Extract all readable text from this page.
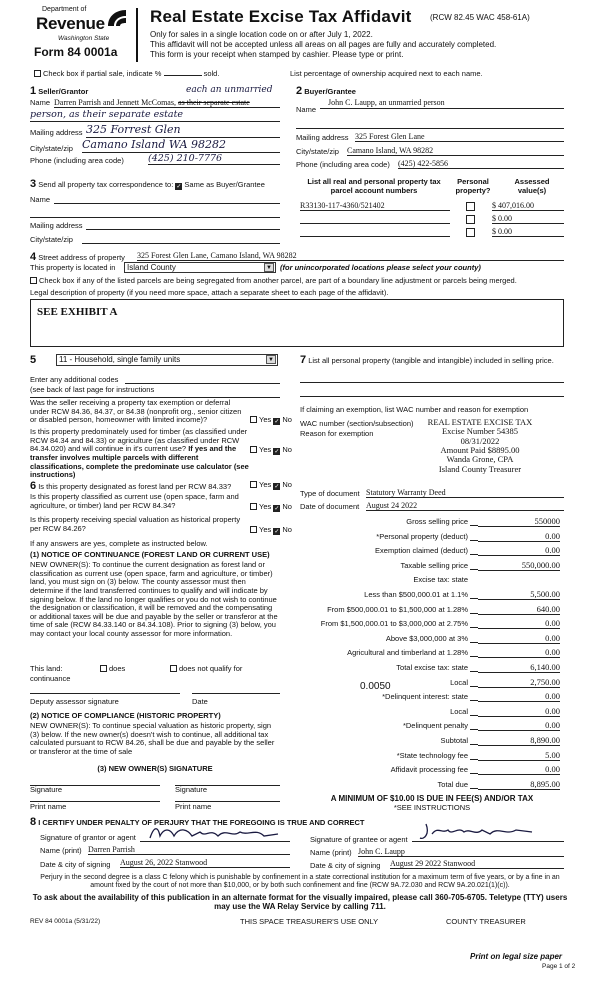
Department of
Revenue
Washington State
Form 84 0001a
Real Estate Excise Tax Affidavit (RCW 82.45 WAC 458-61A)
Only for sales in a single location code on or after July 1, 2022.
This affidavit will not be accepted unless all areas on all pages are fully and accurately completed.
This form is your receipt when stamped by cashier. Please type or print.
Check box if partial sale, indicate %	sold.	List percentage of ownership acquired next to each name.
1 Seller/Grantor	each an unmarried
Name Darren Parrish and Jennett McComas, as their separate estate
person, as their separate estate
Mailing address 325 Forrest Glen
City/state/zip Camano Island WA 98282
Phone (including area code)	(425) 210-7776
2 Buyer/Grantee
Name
John C. Laupp, an unmarried person
Mailing address 325 Forest Glen Lane
City/state/zip Camano Island, WA 98282
Phone (including area code) (425) 422-5856
3 Send all property tax correspondence to: ✓ Same as Buyer/Grantee
Name
Mailing address
City/state/zip
List all real and personal property tax parcel account numbers
Personal property?
Assessed value(s)
R33130-117-4360/521402	$ 407,016.00
$ 0.00
$ 0.00
4 Street address of property 325 Forest Glen Lane, Camano Island, WA 98282
This property is located in	Island County	▼ (for unincorporated locations please select your county)
Check box if any of the listed parcels are being segregated from another parcel, are part of a boundary line adjustment or parcels being merged.
Legal description of property (if you need more space, attach a separate sheet to each page of the affidavit).
SEE EXHIBIT A
5	11 - Household, single family units	▼
Enter any additional codes
(see back of last page for instructions
Was the seller receiving a property tax exemption or deferral under RCW 84.36, 84.37, or 84.38 (nonprofit org., senior citizen or disabled person, homeowner with limited income)?	Yes ✓ No
Is this property predominately used for timber (as classified under RCW 84.34 and 84.33) or agriculture (as classified under RCW 84.34.020) and will continue in it's current use? If yes and the transfer involves multiple parcels with different classifications, complete the predominate use calculator (see instructions)
Yes ✓ No
7 List all personal property (tangible and intangible) included in selling price.
If claiming an exemption, list WAC number and reason for exemption
WAC number (section/subsection)
Reason for exemption
REAL ESTATE EXCISE TAX
Excise Number 54385
08/31/2022
Amount Paid $8895.00
Wanda Grone, CPA
Island County Treasurer
6 Is this property designated as forest land per RCW 84.33?	Yes ✓ No
Is this property classified as current use (open space, farm and agriculture, or timber) land per RCW 84.34?	Yes ✓ No
Is this property receiving special valuation as historical property per RCW 84.26?	Yes ✓ No
If any answers are yes, complete as instructed below.
(1) NOTICE OF CONTINUANCE (FOREST LAND OR CURRENT USE)
NEW OWNER(S): To continue the current designation as forest land or classification as current use (open space, farm and agriculture, or timber) land, you must sign on (3) below. The county assessor must then determine if the land transferred continues to qualify and will indicate by signing below. If the land no longer qualifies or you do not wish to continue the designation or classification, it will be removed and the compensating or additional taxes will be due and payable by the seller or transferor at the time of sale (RCW 84.33.140 or 84.34.108). Prior to signing (3) below, you may contact your local county assessor for more information.
This land:	does	does not qualify for
continuance
Deputy assessor signature	Date
(2) NOTICE OF COMPLIANCE (HISTORIC PROPERTY)
NEW OWNER(S): To continue special valuation as historic property, sign (3) below. If the new owner(s) doesn't wish to continue, all additional tax calculated pursuant to RCW 84.26, shall be due and payable by the seller or transferor at the time of sale
(3) NEW OWNER(S) SIGNATURE
Signature	Signature
Print name	Print name
Type of document Statutory Warranty Deed
Date of document August 24 2022
Gross selling price	550000
*Personal property (deduct)	0.00
Exemption claimed (deduct)	0.00
Taxable selling price	550,000.00
Excise tax: state
Less than $500,000.01 at 1.1%	5,500.00
From $500,000.01 to $1,500,000 at 1.28%	640.00
From $1,500,000.01 to $3,000,000 at 2.75%	0.00
Above $3,000,000 at 3%	0.00
Agricultural and timberland at 1.28%	0.00
Total excise tax: state	6,140.00
Local	2,750.00
*Delinquent interest: state	0.00
Local	0.00
*Delinquent penalty	0.00
Subtotal	8,890.00
*State technology fee	5.00
Affidavit processing fee	0.00
Total due	8,895.00
0.0050
A MINIMUM OF $10.00 IS DUE IN FEE(S) AND/OR TAX
*SEE INSTRUCTIONS
8 I CERTIFY UNDER PENALTY OF PERJURY THAT THE FOREGOING IS TRUE AND CORRECT
Signature of grantor or agent
Name (print) Darren Parrish
Date & city of signing August 26, 2022 Stanwood
Signature of grantee or agent
Name (print) John C. Laupp
Date & city of signing August 29 2022 Stanwood
Perjury in the second degree is a class C felony which is punishable by confinement in a state correctional institution for a maximum term of five years, or by a fine in an amount fixed by the court of not more than $10,000, or by both such confinement and fine (RCW 9A.72.030 and RCW 9A.20.021(1)(c)).
To ask about the availability of this publication in an alternate format for the visually impaired, please call 360-705-6705. Teletype (TTY) users may use the WA Relay Service by calling 711.
REV 84 0001a (5/31/22)	THIS SPACE TREASURER'S USE ONLY	COUNTY TREASURER
Print on legal size paper
Page 1 of 2
